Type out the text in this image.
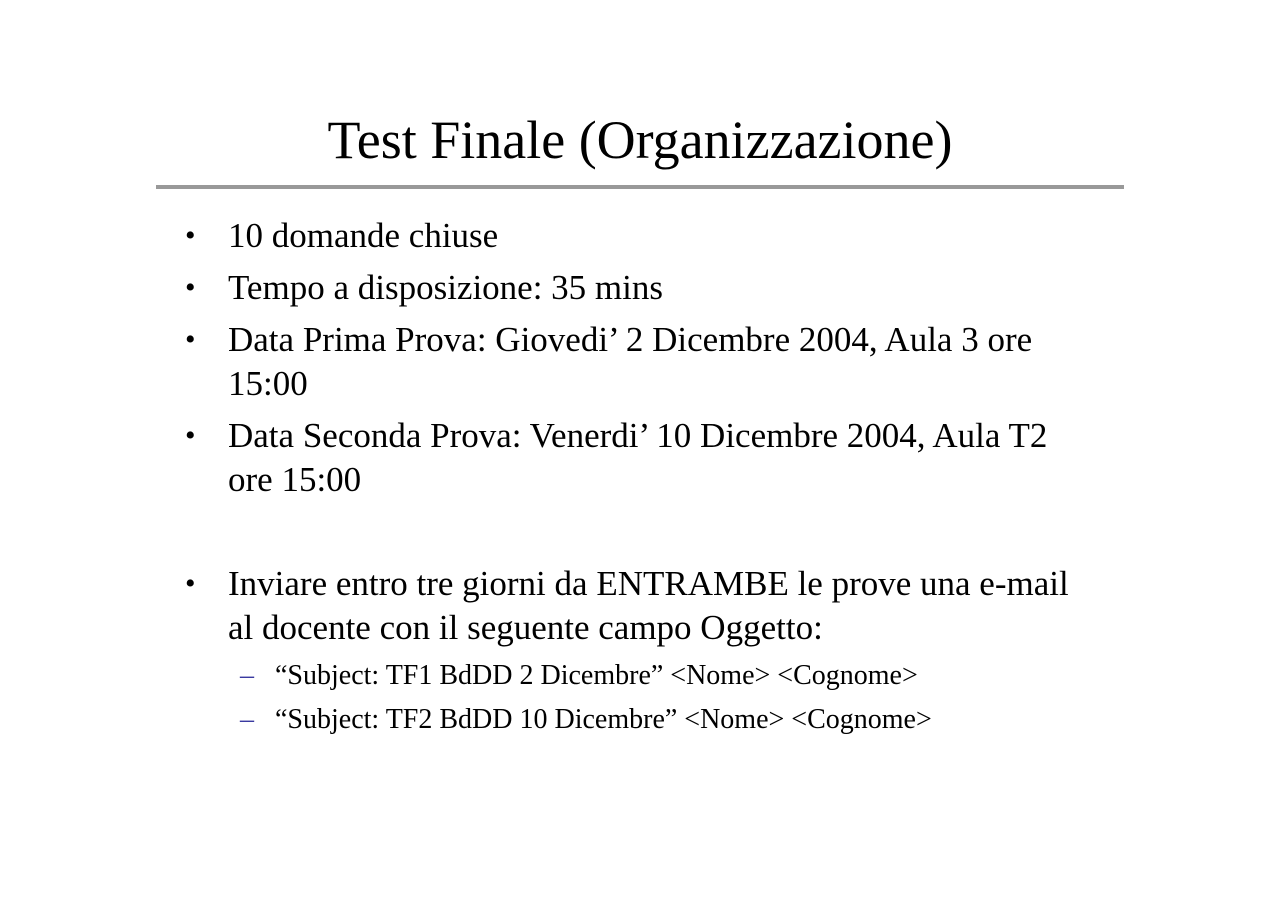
Test Finale (Organizzazione)
• 10 domande chiuse
• Tempo a disposizione: 35 mins
• Data Prima Prova: Giovedi’ 2 Dicembre 2004, Aula 3 ore
15:00
• Data Seconda Prova: Venerdi’ 10 Dicembre 2004, Aula T2
ore 15:00
• Inviare entro tre giorni da ENTRAMBE le prove una e-mail
al docente con il seguente campo Oggetto:
– “Subject: TF1 BdDD 2 Dicembre” <Nome> <Cognome>
– “Subject: TF2 BdDD 10 Dicembre” <Nome> <Cognome>
